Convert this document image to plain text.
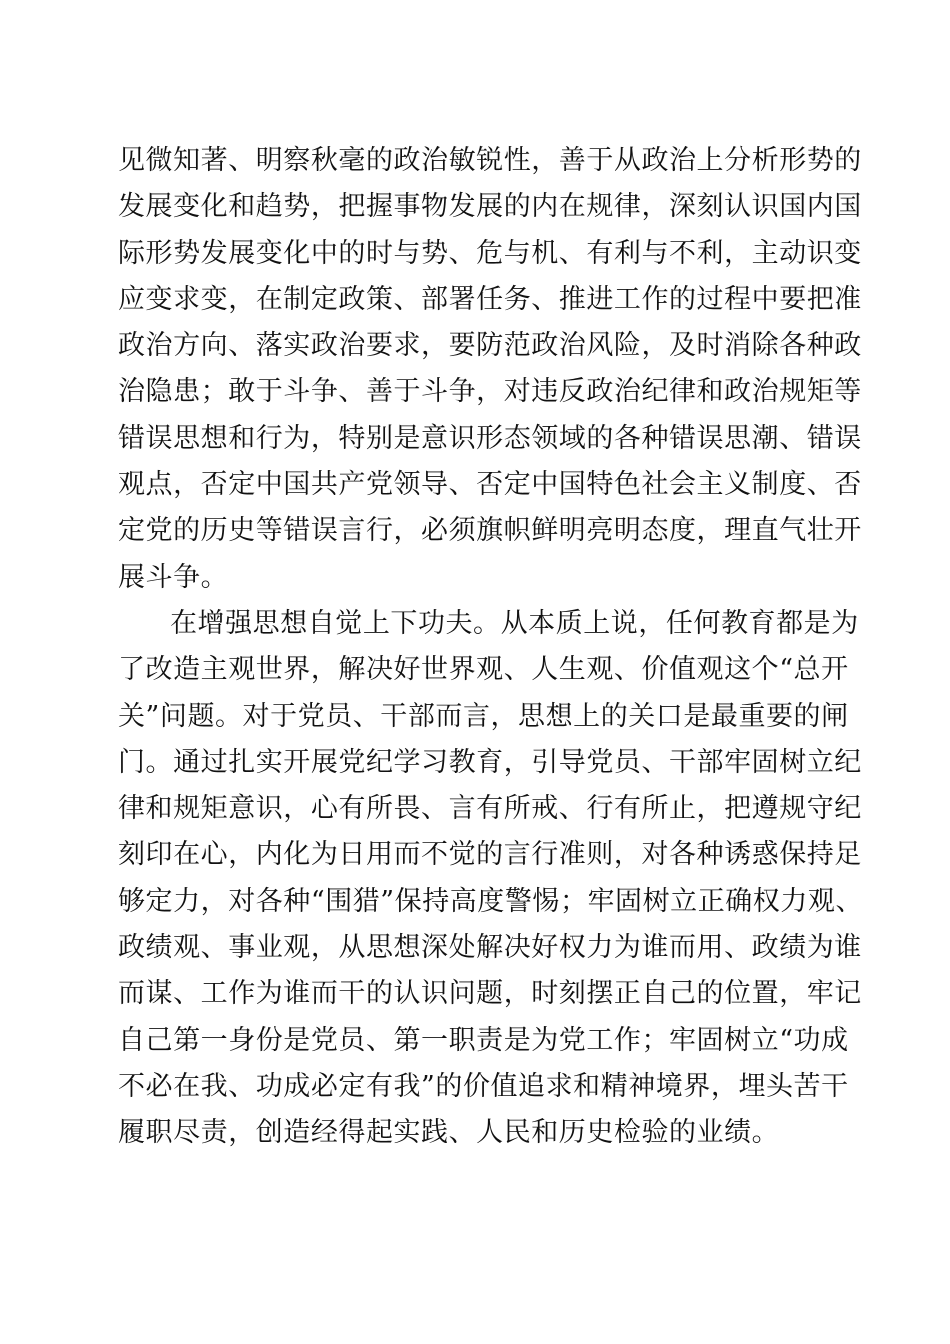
见微知著、明察秋毫的政治敏锐性，善于从政治上分析形势的
发展变化和趋势，把握事物发展的内在规律，深刻认识国内国
际形势发展变化中的时与势、危与机、有利与不利，主动识变
应变求变，在制定政策、部署任务、推进工作的过程中要把准
政治方向、落实政治要求，要防范政治风险，及时消除各种政
治隐患；敢于斗争、善于斗争，对违反政治纪律和政治规矩等
错误思想和行为，特别是意识形态领域的各种错误思潮、错误
观点，否定中国共产党领导、否定中国特色社会主义制度、否
定党的历史等错误言行，必须旗帜鲜明亮明态度，理直气壮开
展斗争。
在增强思想自觉上下功夫。从本质上说，任何教育都是为
了改造主观世界，解决好世界观、人生观、价值观这个“总开
关”问题。对于党员、干部而言，思想上的关口是最重要的闸
门。通过扎实开展党纪学习教育，引导党员、干部牢固树立纪
律和规矩意识，心有所畏、言有所戒、行有所止，把遵规守纪
刻印在心，内化为日用而不觉的言行准则，对各种诱惑保持足
够定力，对各种“围猎”保持高度警惕；牢固树立正确权力观、
政绩观、事业观，从思想深处解决好权力为谁而用、政绩为谁
而谋、工作为谁而干的认识问题，时刻摆正自己的位置，牢记
自己第一身份是党员、第一职责是为党工作；牢固树立“功成
不必在我、功成必定有我”的价值追求和精神境界，埋头苦干
履职尽责，创造经得起实践、人民和历史检验的业绩。
